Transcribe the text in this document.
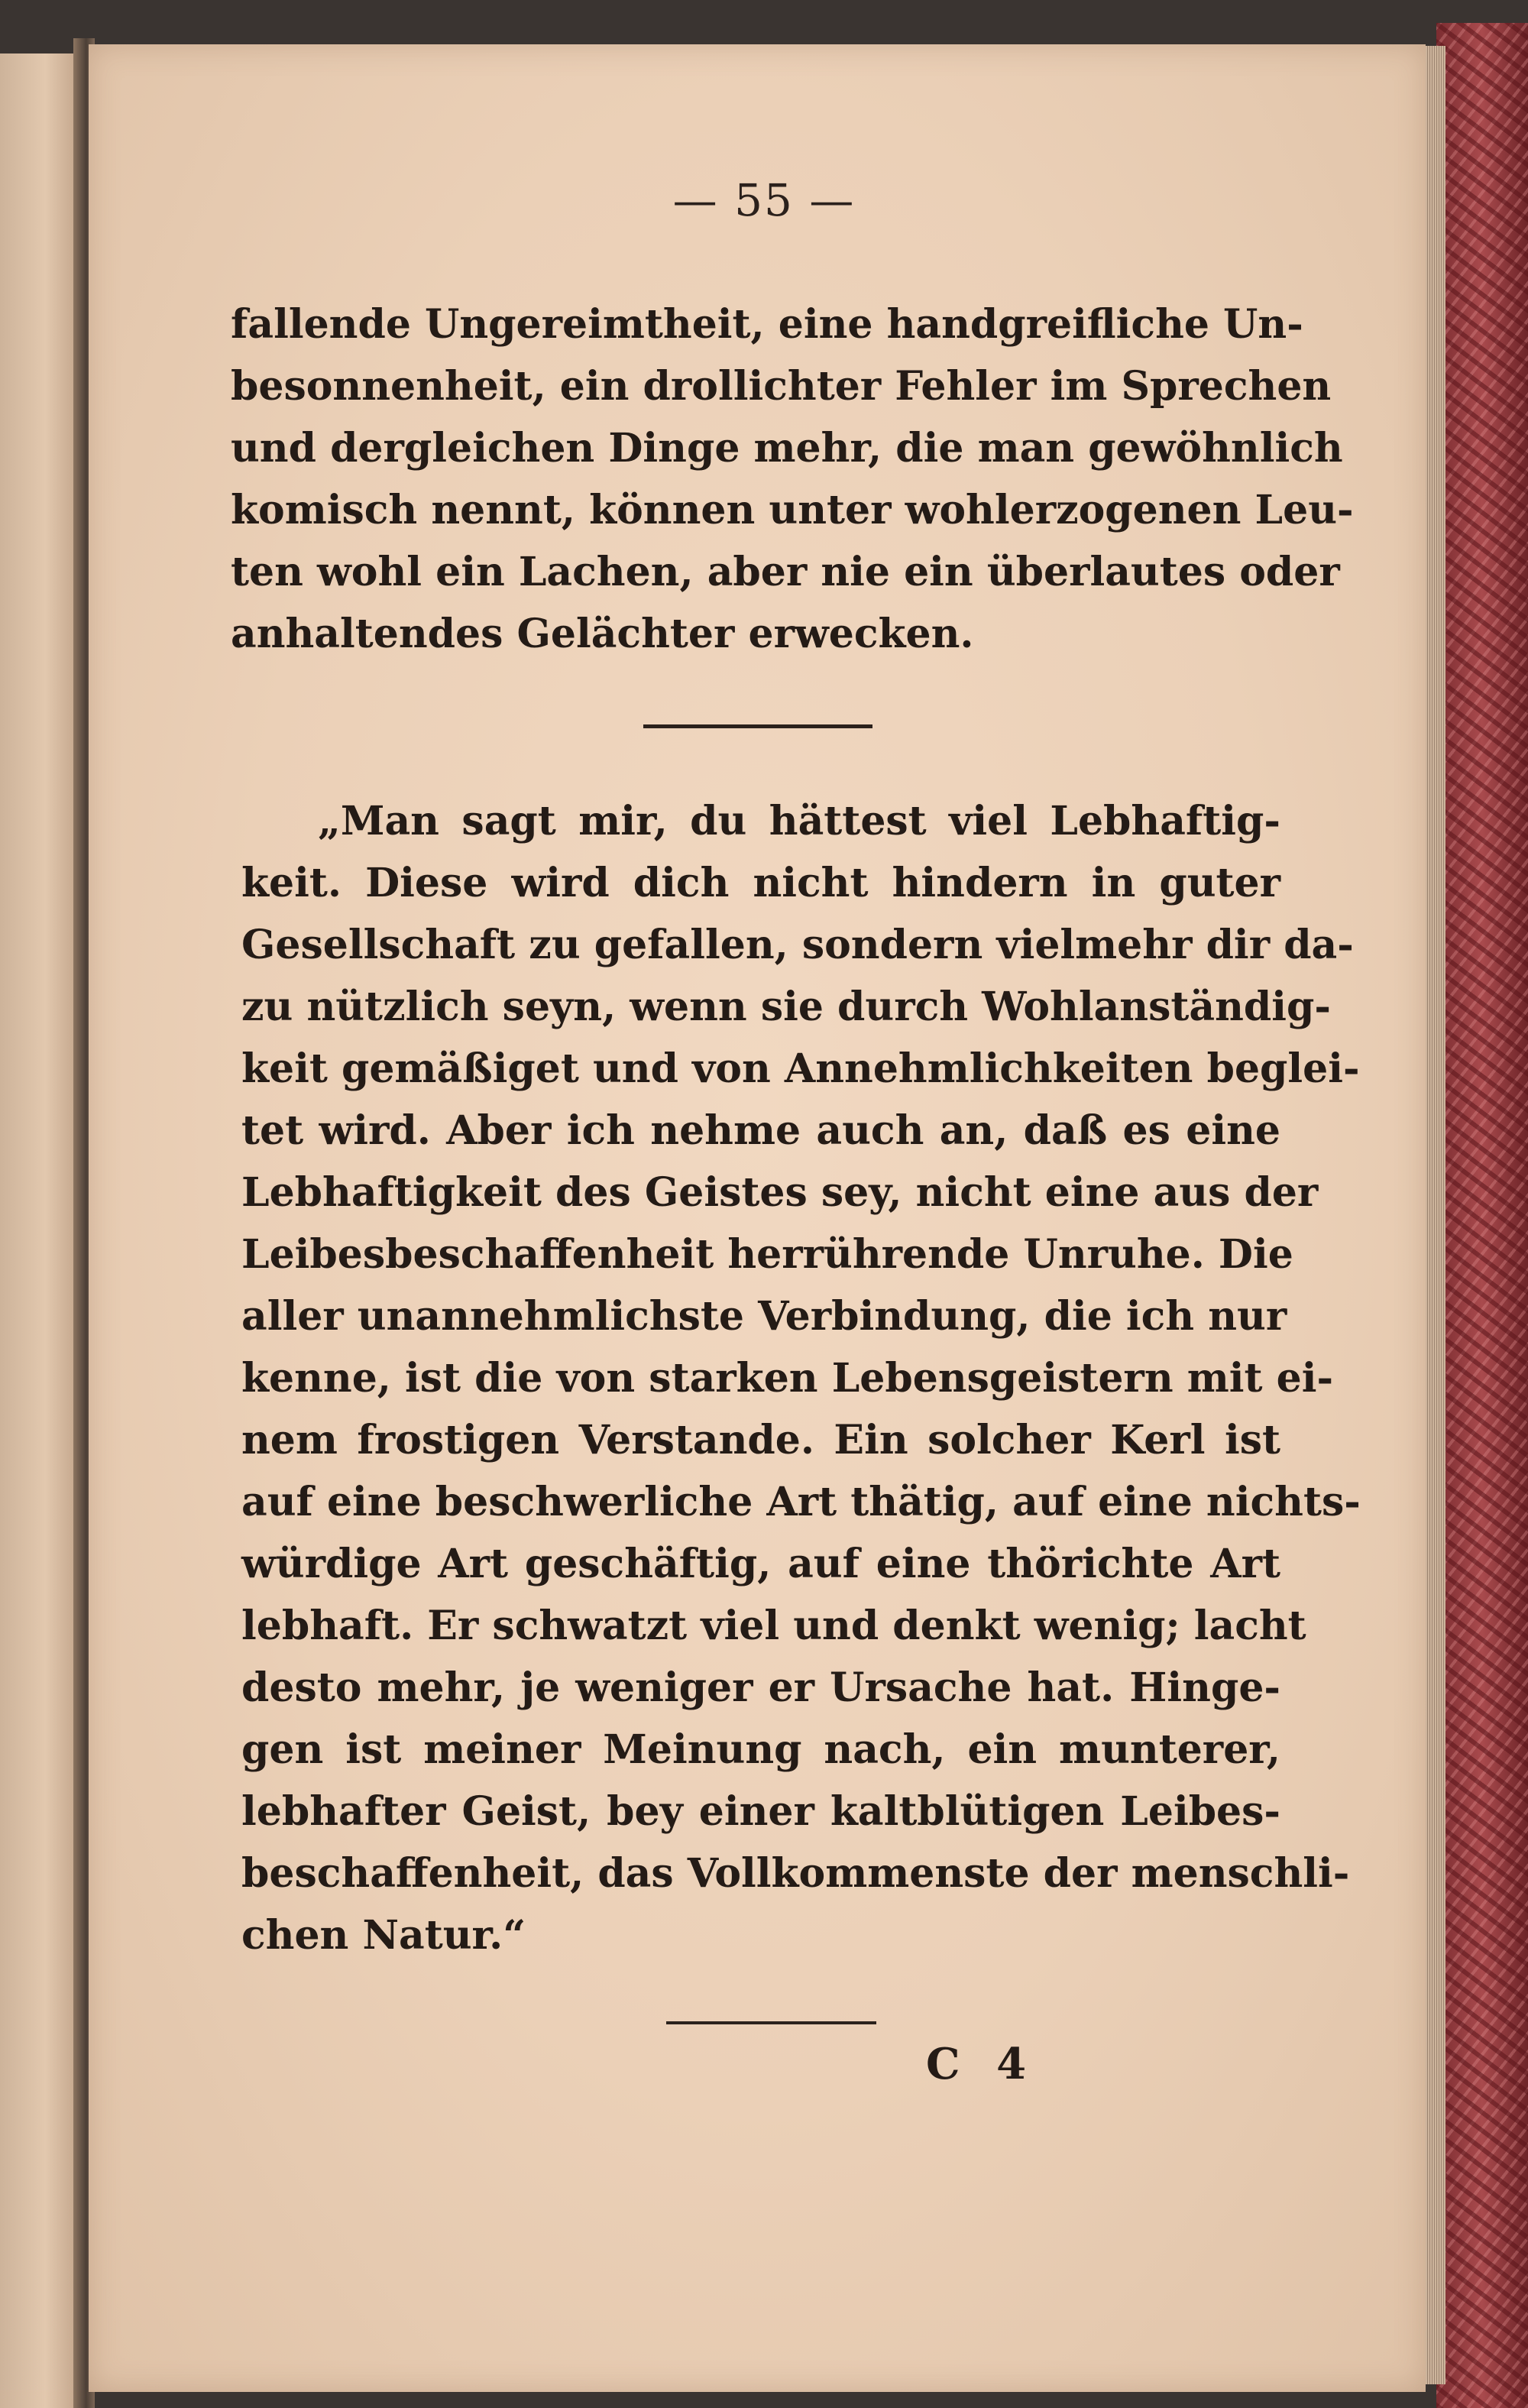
— 55 —
fallende Ungereimtheit, eine handgreifliche Un-
besonnenheit, ein drollichter Fehler im Sprechen
und dergleichen Dinge mehr, die man gewöhnlich
komisch nennt, können unter wohlerzogenen Leu-
ten wohl ein Lachen, aber nie ein überlautes oder
anhaltendes Gelächter erwecken.
„Man sagt mir, du hättest viel Lebhaftig-
keit. Diese wird dich nicht hindern in guter
Gesellschaft zu gefallen, sondern vielmehr dir da-
zu nützlich seyn, wenn sie durch Wohlanständig-
keit gemäßiget und von Annehmlichkeiten beglei-
tet wird. Aber ich nehme auch an, daß es eine
Lebhaftigkeit des Geistes sey, nicht eine aus der
Leibesbeschaffenheit herrührende Unruhe. Die
aller unannehmlichste Verbindung, die ich nur
kenne, ist die von starken Lebensgeistern mit ei-
nem frostigen Verstande. Ein solcher Kerl ist
auf eine beschwerliche Art thätig, auf eine nichts-
würdige Art geschäftig, auf eine thörichte Art
lebhaft. Er schwatzt viel und denkt wenig; lacht
desto mehr, je weniger er Ursache hat. Hinge-
gen ist meiner Meinung nach, ein munterer,
lebhafter Geist, bey einer kaltblütigen Leibes-
beschaffenheit, das Vollkommenste der menschli-
chen Natur.“
C 4
